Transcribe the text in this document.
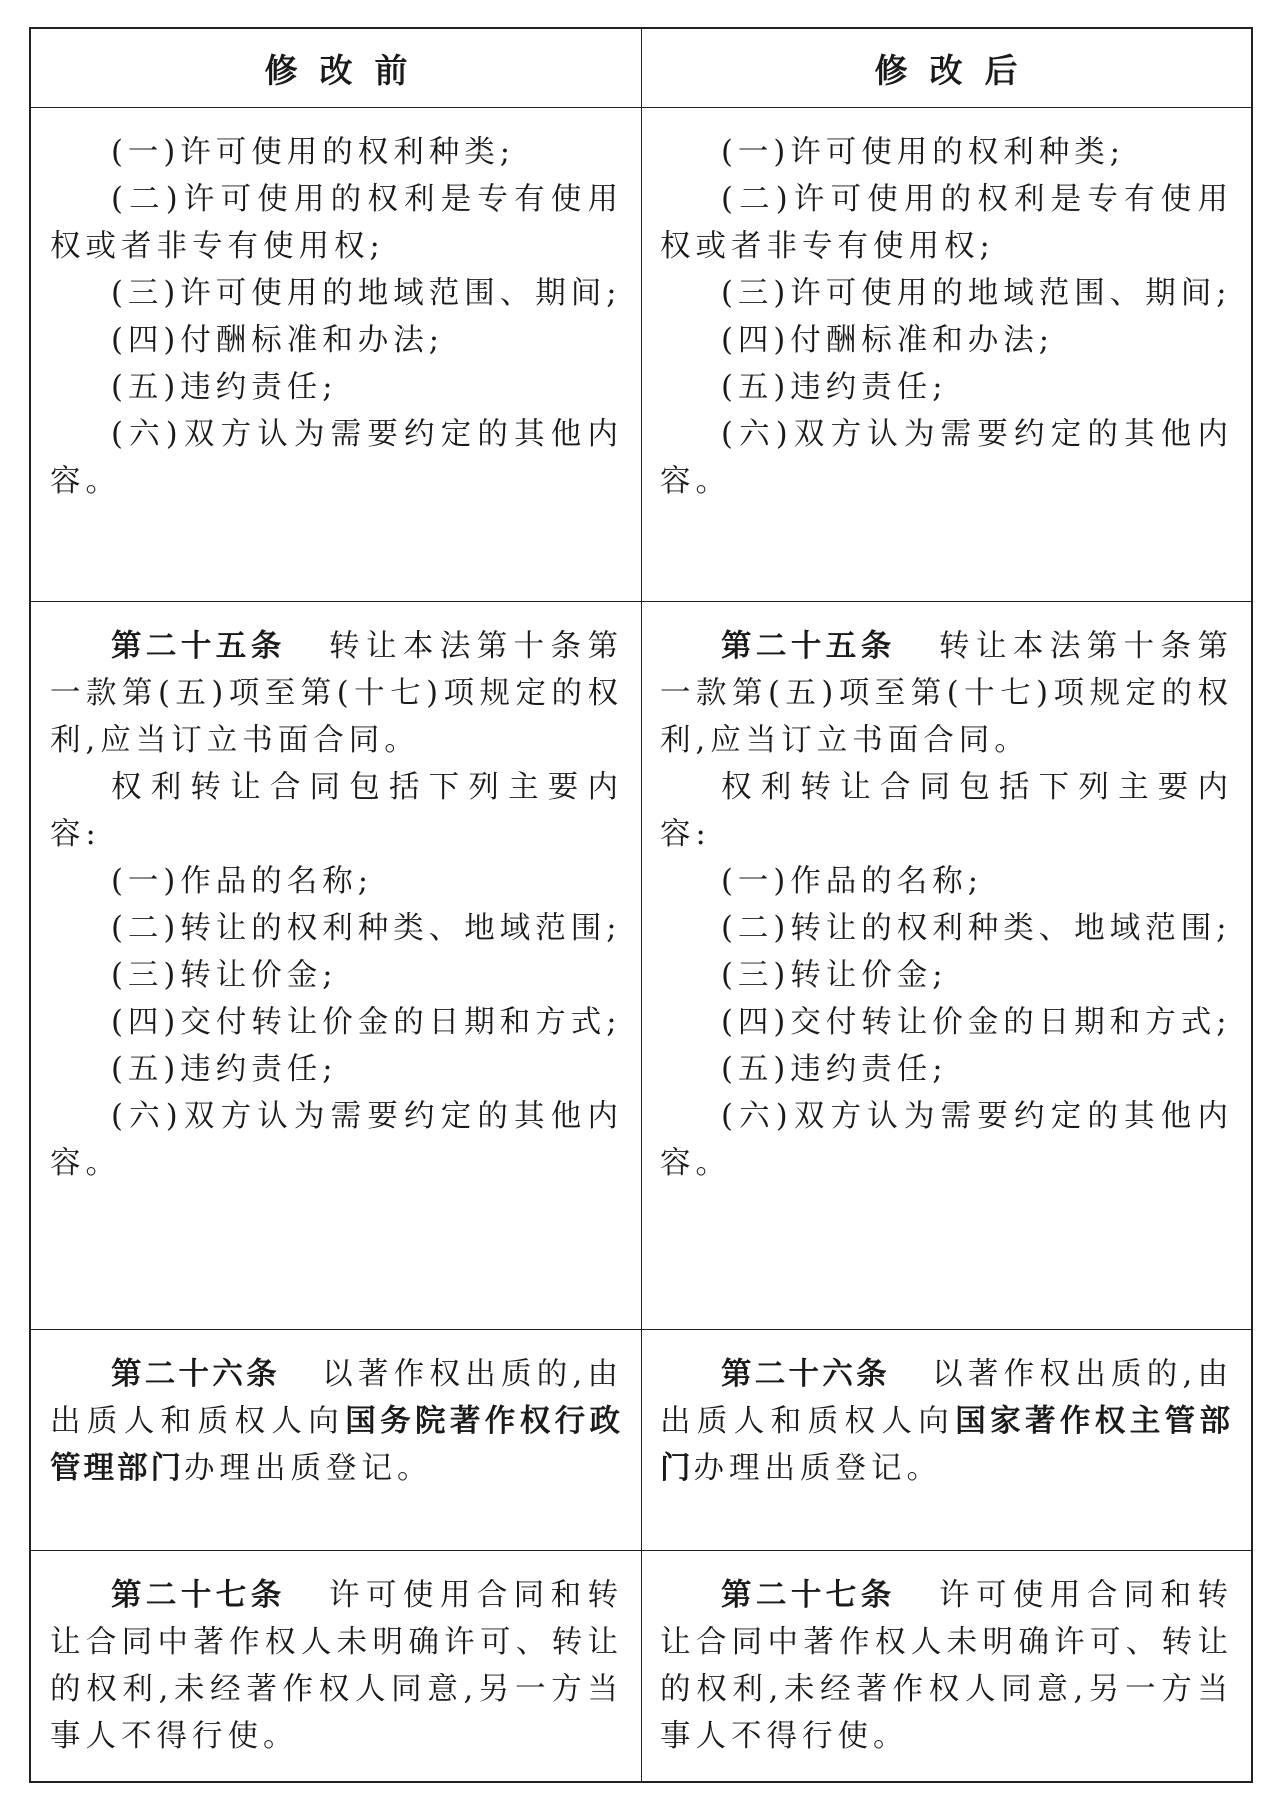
修改前	修改后

(一)许可使用的权利种类;

(二)许可使用的权利是专有使用权或者非专有使用权;

(三)许可使用的地域范围、期间;

(四)付酬标准和办法;

(五)违约责任;

(六)双方认为需要约定的其他内容。

(一)许可使用的权利种类;

(二)许可使用的权利是专有使用权或者非专有使用权;

(三)许可使用的地域范围、期间;

(四)付酬标准和办法;

(五)违约责任;

(六)双方认为需要约定的其他内容。

第二十五条 转让本法第十条第一款第(五)项至第(十七)项规定的权利,应当订立书面合同。

权利转让合同包括下列主要内容:

(一)作品的名称;

(二)转让的权利种类、地域范围;

(三)转让价金;

(四)交付转让价金的日期和方式;

(五)违约责任;

(六)双方认为需要约定的其他内容。

第二十五条 转让本法第十条第一款第(五)项至第(十七)项规定的权利,应当订立书面合同。

权利转让合同包括下列主要内容:

(一)作品的名称;

(二)转让的权利种类、地域范围;

(三)转让价金;

(四)交付转让价金的日期和方式;

(五)违约责任;

(六)双方认为需要约定的其他内容。

第二十六条 以著作权出质的,由出质人和质权人向国务院著作权行政管理部门办理出质登记。

第二十六条 以著作权出质的,由出质人和质权人向国家著作权主管部门办理出质登记。

第二十七条 许可使用合同和转让合同中著作权人未明确许可、转让的权利,未经著作权人同意,另一方当事人不得行使。

第二十七条 许可使用合同和转让合同中著作权人未明确许可、转让的权利,未经著作权人同意,另一方当事人不得行使。
